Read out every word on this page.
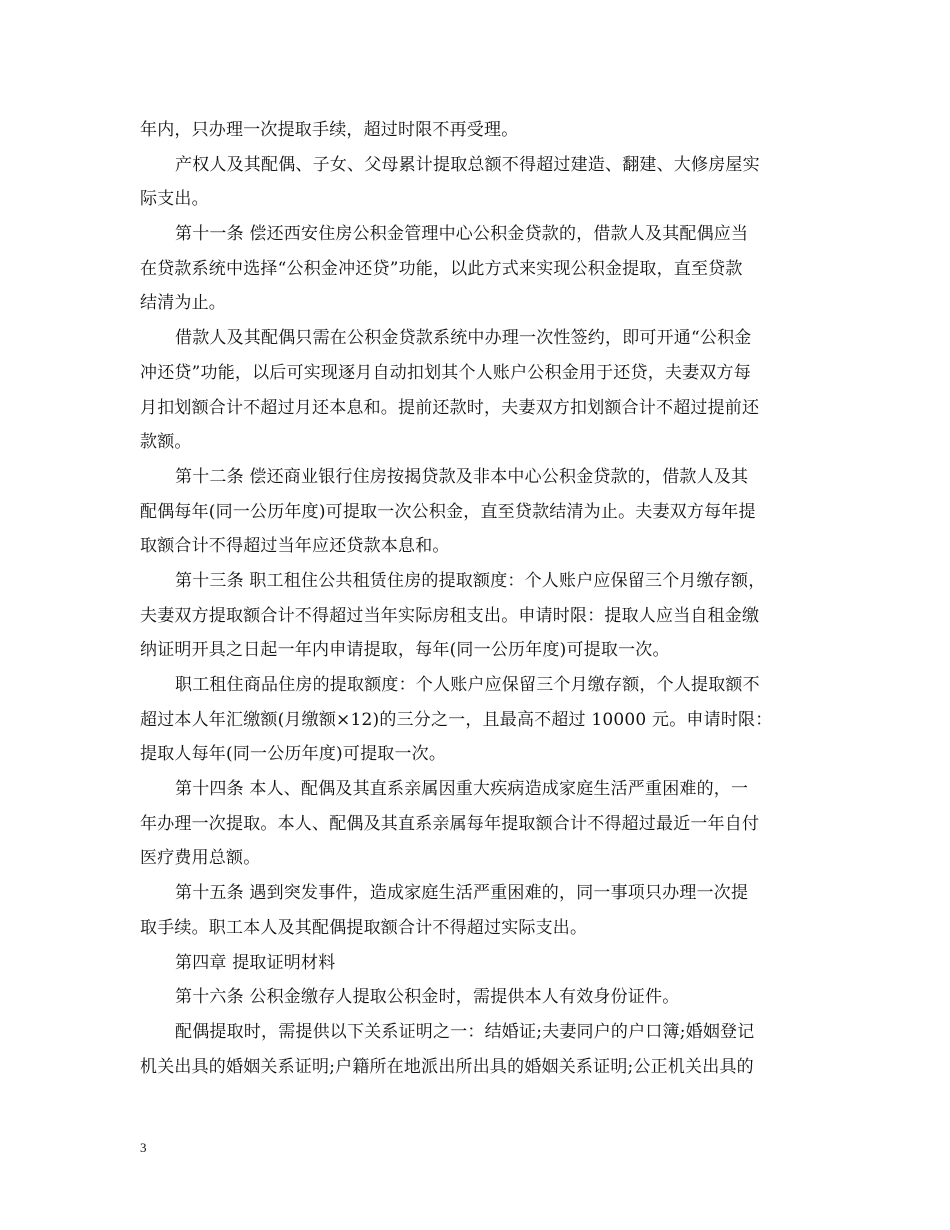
年内，只办理一次提取手续，超过时限不再受理。
产权人及其配偶、子女、父母累计提取总额不得超过建造、翻建、大修房屋实
际支出。
第十一条 偿还西安住房公积金管理中心公积金贷款的，借款人及其配偶应当
在贷款系统中选择“公积金冲还贷”功能，以此方式来实现公积金提取，直至贷款
结清为止。
借款人及其配偶只需在公积金贷款系统中办理一次性签约，即可开通“公积金
冲还贷”功能，以后可实现逐月自动扣划其个人账户公积金用于还贷，夫妻双方每
月扣划额合计不超过月还本息和。提前还款时，夫妻双方扣划额合计不超过提前还
款额。
第十二条 偿还商业银行住房按揭贷款及非本中心公积金贷款的，借款人及其
配偶每年(同一公历年度)可提取一次公积金，直至贷款结清为止。夫妻双方每年提
取额合计不得超过当年应还贷款本息和。
第十三条 职工租住公共租赁住房的提取额度：个人账户应保留三个月缴存额，
夫妻双方提取额合计不得超过当年实际房租支出。申请时限：提取人应当自租金缴
纳证明开具之日起一年内申请提取，每年(同一公历年度)可提取一次。
职工租住商品住房的提取额度：个人账户应保留三个月缴存额，个人提取额不
超过本人年汇缴额(月缴额×12)的三分之一，且最高不超过 10000 元。申请时限：
提取人每年(同一公历年度)可提取一次。
第十四条 本人、配偶及其直系亲属因重大疾病造成家庭生活严重困难的，一
年办理一次提取。本人、配偶及其直系亲属每年提取额合计不得超过最近一年自付
医疗费用总额。
第十五条 遇到突发事件，造成家庭生活严重困难的，同一事项只办理一次提
取手续。职工本人及其配偶提取额合计不得超过实际支出。
第四章 提取证明材料
第十六条 公积金缴存人提取公积金时，需提供本人有效身份证件。
配偶提取时，需提供以下关系证明之一：结婚证;夫妻同户的户口簿;婚姻登记
机关出具的婚姻关系证明;户籍所在地派出所出具的婚姻关系证明;公正机关出具的
3
